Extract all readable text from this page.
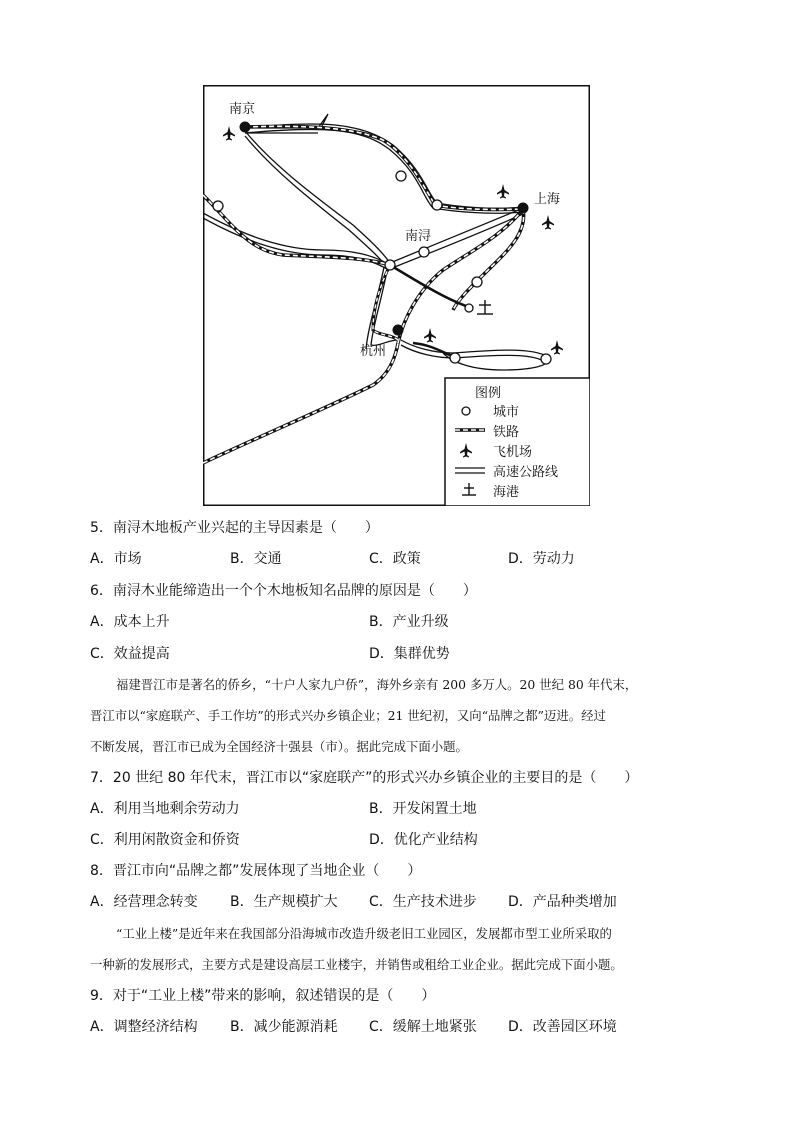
南京
上海
南浔
杭州
图例
城市
铁路
飞机场
高速公路线
海港
5．南浔木地板产业兴起的主导因素是（　　）
A．市场	B．交通	C．政策	D．劳动力
6．南浔木业能缔造出一个个木地板知名品牌的原因是（　　）
A．成本上升	B．产业升级
C．效益提高	D．集群优势
福建晋江市是著名的侨乡，“十户人家九户侨”，海外乡亲有 200 多万人。20 世纪 80 年代末，
晋江市以“家庭联产、手工作坊”的形式兴办乡镇企业；21 世纪初，又向“品牌之都”迈进。经过
不断发展，晋江市已成为全国经济十强县（市）。据此完成下面小题。
7．20 世纪 80 年代末，晋江市以“家庭联产”的形式兴办乡镇企业的主要目的是（　　）
A．利用当地剩余劳动力	B．开发闲置土地
C．利用闲散资金和侨资	D．优化产业结构
8．晋江市向“品牌之都”发展体现了当地企业（　　）
A．经营理念转变 B．生产规模扩大 C．生产技术进步 D．产品种类增加
“工业上楼”是近年来在我国部分沿海城市改造升级老旧工业园区，发展都市型工业所采取的
一种新的发展形式，主要方式是建设高层工业楼宇，并销售或租给工业企业。据此完成下面小题。
9．对于“工业上楼”带来的影响，叙述错误的是（　　）
A．调整经济结构 B．减少能源消耗 C．缓解土地紧张 D．改善园区环境
